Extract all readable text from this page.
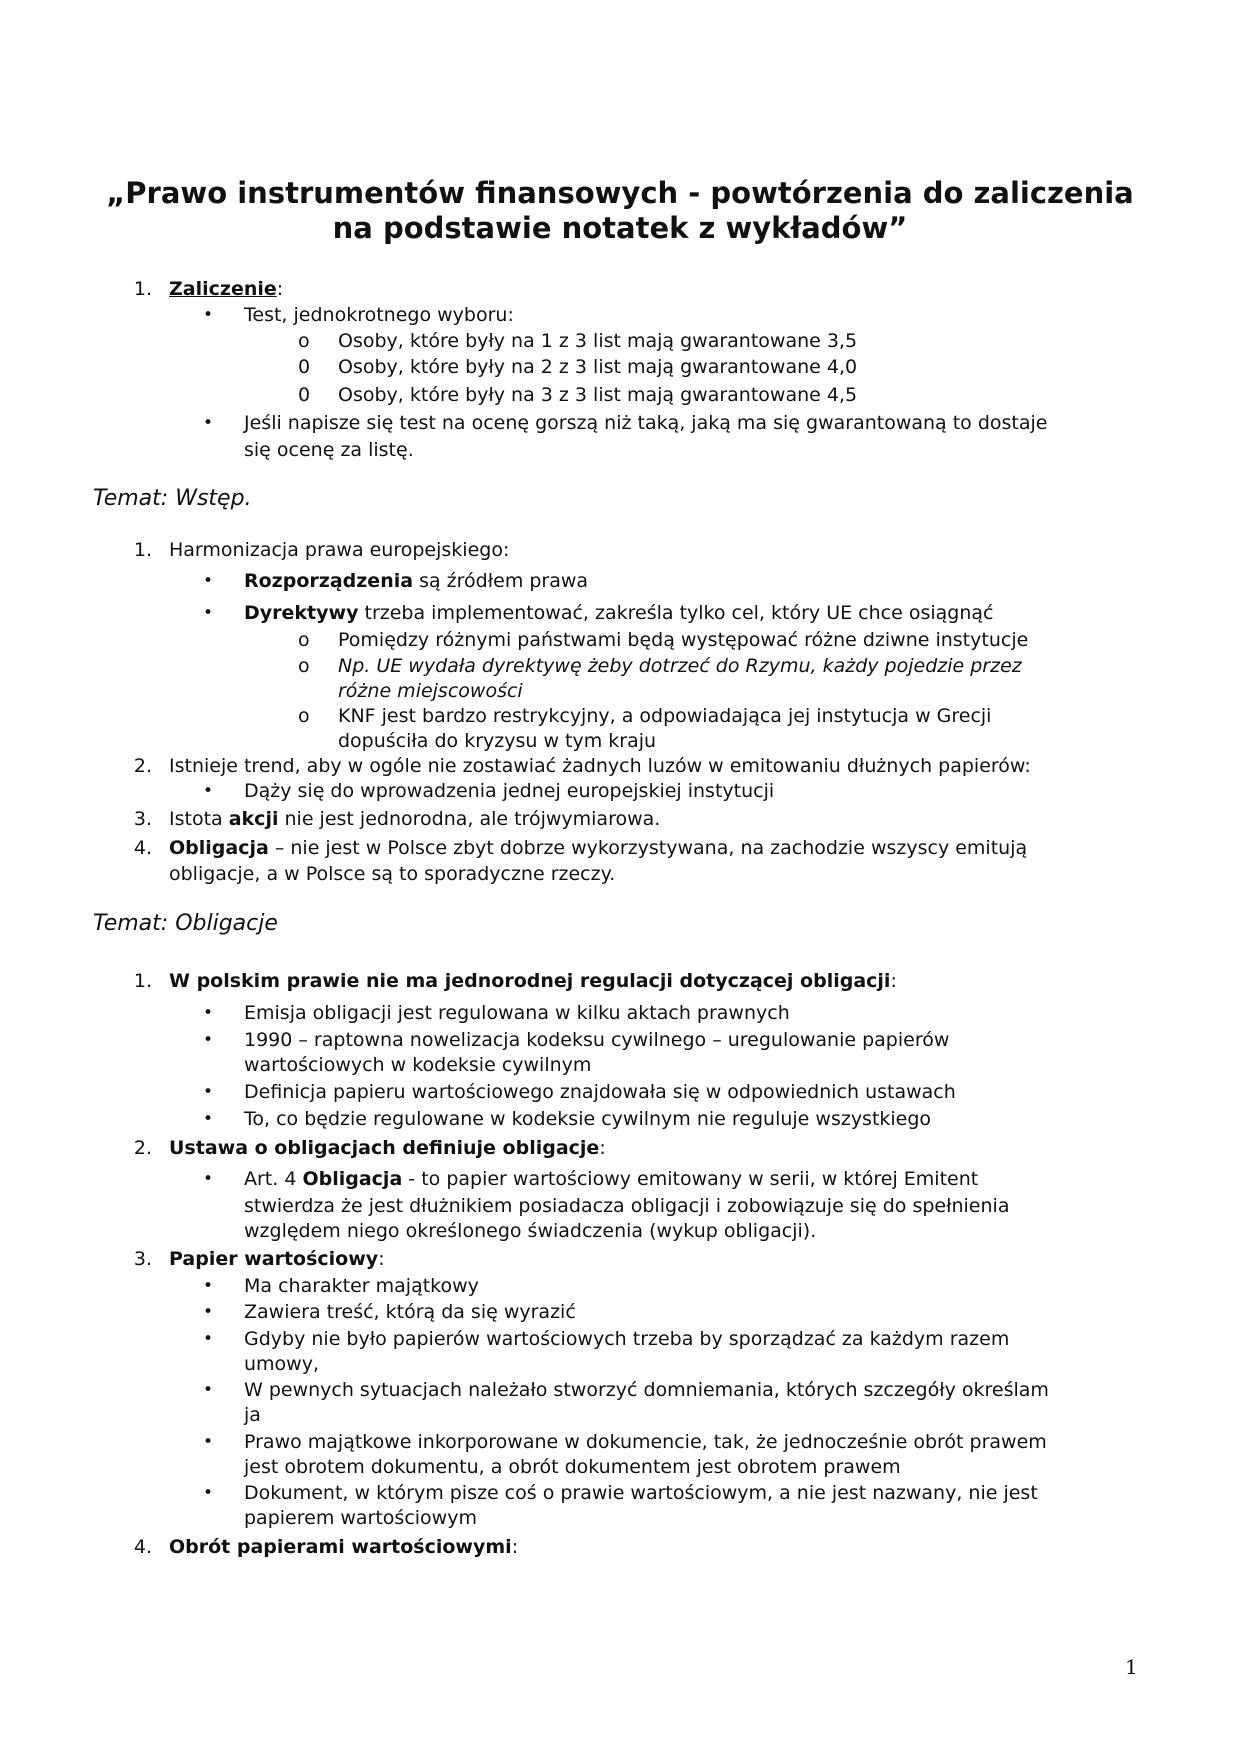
„Prawo instrumentów finansowych - powtórzenia do zaliczenia
na podstawie notatek z wykładów”
1. Zaliczenie:
• Test, jednokrotnego wyboru:
o Osoby, które były na 1 z 3 list mają gwarantowane 3,5
0 Osoby, które były na 2 z 3 list mają gwarantowane 4,0
0 Osoby, które były na 3 z 3 list mają gwarantowane 4,5
• Jeśli napisze się test na ocenę gorszą niż taką, jaką ma się gwarantowaną to dostaje
się ocenę za listę.
Temat: Wstęp.
1. Harmonizacja prawa europejskiego:
• Rozporządzenia są źródłem prawa
• Dyrektywy trzeba implementować, zakreśla tylko cel, który UE chce osiągnąć
o Pomiędzy różnymi państwami będą występować różne dziwne instytucje
o Np. UE wydała dyrektywę żeby dotrzeć do Rzymu, każdy pojedzie przez
różne miejscowości
o KNF jest bardzo restrykcyjny, a odpowiadająca jej instytucja w Grecji
dopuściła do kryzysu w tym kraju
2. Istnieje trend, aby w ogóle nie zostawiać żadnych luzów w emitowaniu dłużnych papierów:
• Dąży się do wprowadzenia jednej europejskiej instytucji
3. Istota akcji nie jest jednorodna, ale trójwymiarowa.
4. Obligacja – nie jest w Polsce zbyt dobrze wykorzystywana, na zachodzie wszyscy emitują
obligacje, a w Polsce są to sporadyczne rzeczy.
Temat: Obligacje
1. W polskim prawie nie ma jednorodnej regulacji dotyczącej obligacji:
• Emisja obligacji jest regulowana w kilku aktach prawnych
• 1990 – raptowna nowelizacja kodeksu cywilnego – uregulowanie papierów
wartościowych w kodeksie cywilnym
• Definicja papieru wartościowego znajdowała się w odpowiednich ustawach
• To, co będzie regulowane w kodeksie cywilnym nie reguluje wszystkiego
2. Ustawa o obligacjach definiuje obligacje:
• Art. 4 Obligacja - to papier wartościowy emitowany w serii, w której Emitent
stwierdza że jest dłużnikiem posiadacza obligacji i zobowiązuje się do spełnienia
względem niego określonego świadczenia (wykup obligacji).
3. Papier wartościowy:
• Ma charakter majątkowy
• Zawiera treść, którą da się wyrazić
• Gdyby nie było papierów wartościowych trzeba by sporządzać za każdym razem
umowy,
• W pewnych sytuacjach należało stworzyć domniemania, których szczegóły określam
ja
• Prawo majątkowe inkorporowane w dokumencie, tak, że jednocześnie obrót prawem
jest obrotem dokumentu, a obrót dokumentem jest obrotem prawem
• Dokument, w którym pisze coś o prawie wartościowym, a nie jest nazwany, nie jest
papierem wartościowym
4. Obrót papierami wartościowymi:
1
